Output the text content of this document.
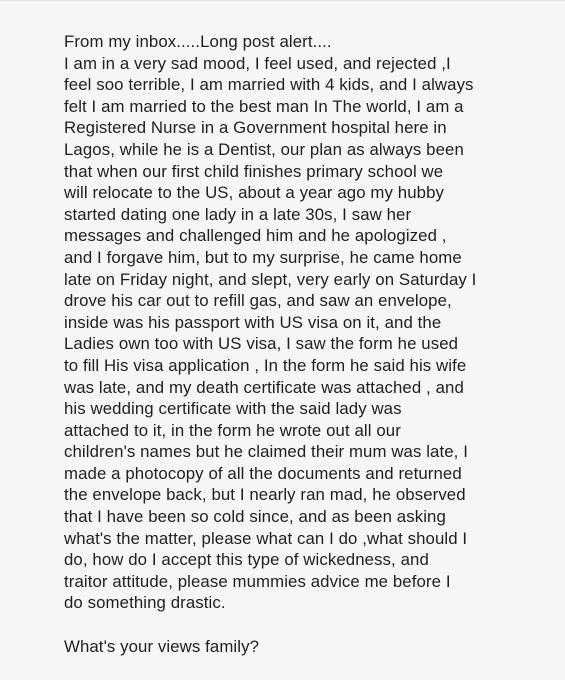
From my inbox.....Long post alert....
I am in a very sad mood, I feel used, and rejected ,I
feel soo terrible, I am married with 4 kids, and I always
felt I am married to the best man In The world, I am a
Registered Nurse in a Government hospital here in
Lagos, while he is a Dentist, our plan as always been
that when our first child finishes primary school we
will relocate to the US, about a year ago my hubby
started dating one lady in a late 30s, I saw her
messages and challenged him and he apologized ,
and I forgave him, but to my surprise, he came home
late on Friday night, and slept, very early on Saturday I
drove his car out to refill gas, and saw an envelope,
inside was his passport with US visa on it, and the
Ladies own too with US visa, I saw the form he used
to fill His visa application , In the form he said his wife
was late, and my death certificate was attached , and
his wedding certificate with the said lady was
attached to it, in the form he wrote out all our
children's names but he claimed their mum was late, I
made a photocopy of all the documents and returned
the envelope back, but I nearly ran mad, he observed
that I have been so cold since, and as been asking
what's the matter, please what can I do ,what should I
do, how do I accept this type of wickedness, and
traitor attitude, please mummies advice me before I
do something drastic.
What's your views family?
